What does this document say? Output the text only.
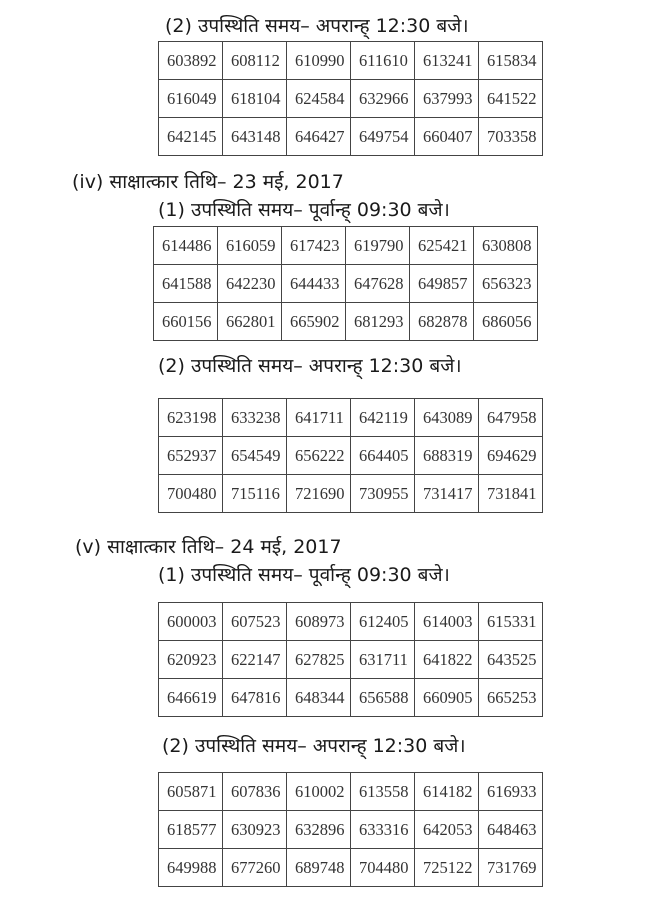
(2) उपस्थिति समय– अपरान्ह् 12:30 बजे।
603892	608112	610990	611610	613241	615834
616049	618104	624584	632966	637993	641522
642145	643148	646427	649754	660407	703358
(iv) साक्षात्कार तिथि– 23 मई, 2017
(1) उपस्थिति समय– पूर्वान्ह् 09:30 बजे।
614486	616059	617423	619790	625421	630808
641588	642230	644433	647628	649857	656323
660156	662801	665902	681293	682878	686056
(2) उपस्थिति समय– अपरान्ह् 12:30 बजे।
623198	633238	641711	642119	643089	647958
652937	654549	656222	664405	688319	694629
700480	715116	721690	730955	731417	731841
(v) साक्षात्कार तिथि– 24 मई, 2017
(1) उपस्थिति समय– पूर्वान्ह् 09:30 बजे।
600003	607523	608973	612405	614003	615331
620923	622147	627825	631711	641822	643525
646619	647816	648344	656588	660905	665253
(2) उपस्थिति समय– अपरान्ह् 12:30 बजे।
605871	607836	610002	613558	614182	616933
618577	630923	632896	633316	642053	648463
649988	677260	689748	704480	725122	731769
